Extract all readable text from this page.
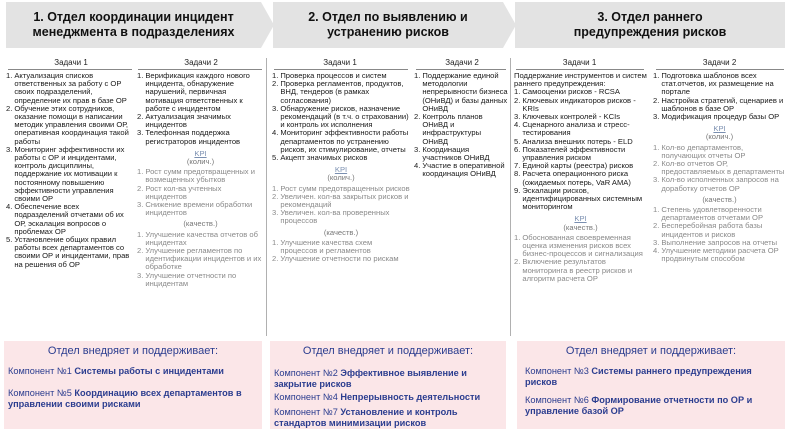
1. Отдел координации инцидент менеджмента в подразделениях
2. Отдел по выявлению и устранению рисков
3. Отдел раннего предупреждения рисков
Задачи 1	Задачи 2	Задачи 1	Задачи 2	Задачи 1	Задачи 2
1. Актуализация списков ответственных за работу с ОР своих подразделений, определение их прав в базе ОР
2. Обучение этих сотрудников, оказание помощи в написании методик управления своими ОР, оперативная координация такой работы
3. Мониторинг эффективности их работы с ОР и инцидентами, контроль дисциплины, поддержание их мотивации к постоянному повышению эффективности управления своими ОР
4. Обеспечение всех подразделений отчетами об их ОР, эскалация вопросов о проблемах ОР
5. Установление общих правил работы всех департаментов со своими ОР и инцидентами, прав на решения об ОР
1. Верификация каждого нового инцидента, обнаружение нарушений, первичная мотивация ответственных к работе с инцидентом
2. Актуализация значимых инцидентов
3. Телефонная поддержка регистраторов инцидентов
KPI
(колич.)
1. Рост сумм предотвращенных и возмещенных убытков
2. Рост кол-ва учтенных инцидентов
3. Снижение времени обработки инцидентов
(качеств.)
1. Улучшение качества отчетов об инцидентах
2. Улучшение регламентов по идентификации инцидентов и их обработке
3. Улучшение отчетности по инцидентам
1. Проверка процессов и систем
2. Проверка регламентов, продуктов, ВНД, тендеров (в рамках согласования)
3. Обнаружение рисков, назначение рекомендаций (в т.ч. о страховании) и контроль их исполнения
4. Мониторинг эффективности работы департаментов по устранению рисков, их стимулирование, отчеты
5. Акцепт значимых рисков
KPI
(колич.)
1. Рост сумм предотвращенных рисков
2. Увеличен. кол-ва закрытых рисков и рекомендаций
3. Увеличен. кол-ва проверенных процессов
(качеств.)
1. Улучшение качества схем процессов и регламентов
2. Улучшение отчетности по рискам
1. Поддержание единой методологии непрерывности бизнеса (ОНиВД) и базы данных ОНиВД
2. Контроль планов ОНиВД и инфраструктуры ОНиВД
3. Координация участников ОНиВД
4. Участие в оперативной координация ОНиВД
Поддержание инструментов и систем раннего предупреждения:
1. Самооценки рисков - RCSA
2. Ключевых индикаторов рисков - KRIs
3. Ключевых контролей - KCIs
4. Сценарного анализа и стресс-тестирования
5. Анализа внешних потерь - ELD
6. Показателей эффективности управления риском
7. Единой карты (реестра) рисков
8. Расчета операционного риска (ожидаемых потерь, VaR AMA)
9. Эскалации рисков, идентифицированных системным мониторингом
KPI
(качеств.)
1. Обоснованная своевременная оценка изменения рисков всех бизнес-процессов и сигнализация
2. Включение результатов мониторинга в реестр рисков и алгоритм расчета ОР
1. Подготовка шаблонов всех стат.отчетов, их размещение на портале
2. Настройка стратегий, сценариев и шаблонов в базе ОР
3. Модификация процедур базы ОР
KPI
(колич.)
1. Кол-во департаментов, получающих отчеты ОР
2. Кол-во отчетов ОР, предоставляемых в департаменты
3. Кол-во исполненных запросов на доработку отчетов ОР
(качеств.)
1. Степень удовлетворенности департаментов отчетами ОР
2. Бесперебойная работа базы инцидентов и рисков
3. Выполнение запросов на отчеты
4. Улучшение методики расчета ОР продвинутым способом
Отдел внедряет и поддерживает:
Компонент №1 Системы работы с инцидентами
Компонент №5 Координацию всех департаментов в управлении своими рисками
Отдел внедряет и поддерживает:
Компонент №2 Эффективное выявление и закрытие рисков
Компонент №4 Непрерывность деятельности
Компонент №7 Установление и контроль стандартов минимизации рисков
Отдел внедряет и поддерживает:
Компонент №3 Системы раннего предупреждения рисков
Компонент №6 Формирование отчетности по ОР и управление базой ОР
